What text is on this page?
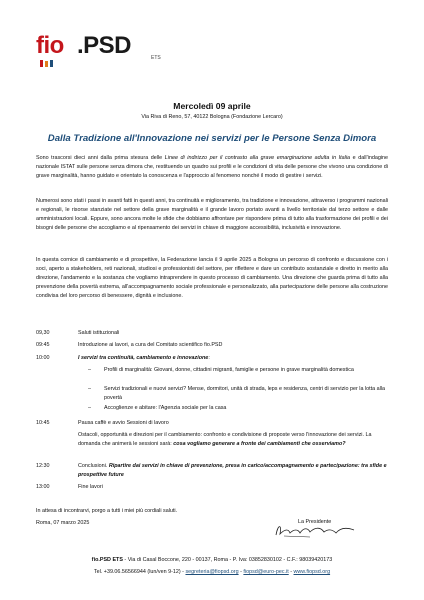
fio .PSD	ETS
Mercoledì 09 aprile
Via Riva di Reno, 57, 40122 Bologna (Fondazione Lercaro)
Dalla Tradizione all'Innovazione nei servizi per le Persone Senza Dimora
Sono trascorsi dieci anni dalla prima stesura delle Linee di indirizzo per il contrasto alla grave emarginazione adulta in Italia e dall'indagine nazionale ISTAT sulle persone senza dimora che, restituendo un quadro sui profili e le condizioni di vita delle persone che vivono una condizione di grave marginalità, hanno guidato e orientato la conoscenza e l'approccio al fenomeno nonché il modo di gestire i servizi.
Numerosi sono stati i passi in avanti fatti in questi anni, tra continuità e miglioramento, tra tradizione e innovazione, attraverso i programmi nazionali e regionali, le risorse stanziate nel settore della grave marginalità e il grande lavoro portato avanti a livello territoriale dal terzo settore e dalle amministrazioni locali. Eppure, sono ancora molte le sfide che dobbiamo affrontare per rispondere prima di tutto alla trasformazione dei profili e dei bisogni delle persone che accogliamo e al ripensamento dei servizi in chiave di maggiore accessibilità, inclusività e innovazione.
In questa cornice di cambiamento e di prospettive, la Federazione lancia il 9 aprile 2025 a Bologna un percorso di confronto e discussione con i soci, aperto a stakeholders, reti nazionali, studiosi e professionisti del settore, per riflettere e dare un contributo sostanziale e diretto in merito alla direzione, l'andamento e la sostanza che vogliamo intraprendere in questo processo di cambiamento. Una direzione che guarda prima di tutto alla prevenzione della povertà estrema, all'accompagnamento sociale professionale e personalizzato, alla partecipazione delle persone alla costruzione condivisa del loro percorso di benessere, dignità e inclusione.
09,30	Saluti istituzionali
09:45	Introduzione ai lavori, a cura del Comitato scientifico fio.PSD
10:00	I servizi tra continuità, cambiamento e innovazione:
– Profili di marginalità: Giovani, donne, cittadini migranti, famiglie e persone in grave marginalità domestica
– Servizi tradizionali e nuovi servizi? Mense, dormitori, unità di strada, leps e residenza, centri di servizio per la lotta alla povertà
– Accoglienze e abitare: l'Agenzia sociale per la casa
10:45	Pausa caffè e avvio Sessioni di lavoro
Ostacoli, opportunità e direzioni per il cambiamento: confronto e condivisione di proposte verso l'innovazione dei servizi. La domanda che animerà le sessioni sarà: cosa vogliamo generare a fronte dei cambiamenti che osserviamo?
12:30	Conclusioni. Ripartire dai servizi in chiave di prevenzione, presa in carico/accompagnamento e partecipazione: tra sfide e prospettive future
13:00	Fine lavori
In attesa di incontrarvi, porgo a tutti i miei più cordiali saluti.
Roma, 07 marzo 2025	La Presidente
fio.PSD ETS - Via di Casal Boccone, 220 - 00137, Roma - P. Iva: 03852830102 - C.F.: 98039420173
Tel. +39.06.56566944 (lun/ven 9-12) - segreteria@fiopsd.org - fiopsd@euro-pec.it - www.fiopsd.org
